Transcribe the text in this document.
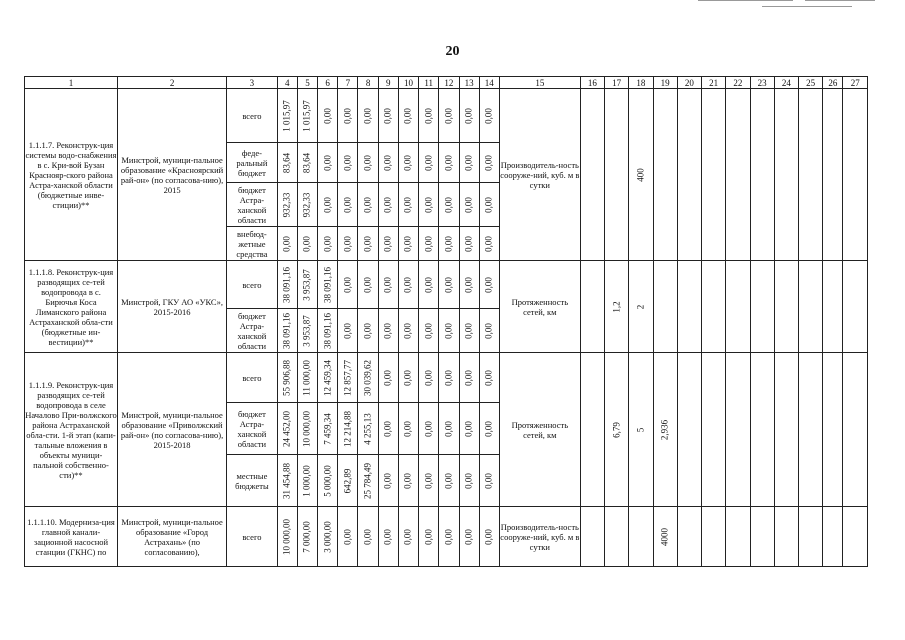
20
1	2	3	4	5	6	7	8	9	10	11	12	13	14	15	16	17	18	19	20	21	22	23	24	25	26	27
1.1.1.7. Реконструк-ция системы водо-снабжения в с. Кри-вой Бузан Краснояр-ского района Астра-ханской области (бюджетные инве-стиции)**	Минстрой, муници-пальное образование «Красноярский рай-он» (по согласова-нию), 2015	всего	1 015,97	1 015,97	0,00	0,00	0,00	0,00	0,00	0,00	0,00	0,00	0,00	Производитель-ность сооруже-ний, куб. м в сутки			400									

		феде-ральный бюджет	83,64	83,64	0,00	0,00	0,00	0,00	0,00	0,00	0,00	0,00	0,00													

		бюджет Астра-ханской области	932,33	932,33	0,00	0,00	0,00	0,00	0,00	0,00	0,00	0,00	0,00													

		внебюд-жетные средства	0,00	0,00	0,00	0,00	0,00	0,00	0,00	0,00	0,00	0,00	0,00													

1.1.1.8. Реконструк-ция разводящих се-тей водопровода в с. Бирючья Коса Лиманского района Астраханской обла-сти (бюджетные ин-вестиции)**	Минстрой, ГКУ АО «УКС», 2015-2016	всего	38 091,16	3 953,87	38 091,16	0,00	0,00	0,00	0,00	0,00	0,00	0,00	0,00	Протяженность сетей, км		1,2	2									

		бюджет Астра-ханской области	38 091,16	3 953,87	38 091,16	0,00	0,00	0,00	0,00	0,00	0,00	0,00	0,00													

1.1.1.9. Реконструк-ция разводящих се-тей водопровода в селе Началово При-волжского района Астраханской обла-сти. 1-й этап (капи-тальные вложения в объекты муници-пальной собственно-сти)**	Минстрой, муници-пальное образование «Приволжский рай-он» (по согласова-нию), 2015-2018	всего	55 906,88	11 000,00	12 459,34	12 857,77	30 039,62	0,00	0,00	0,00	0,00	0,00	0,00	Протяженность сетей, км		6,79	5	2,936								

		бюджет Астра-ханской области	24 452,00	10 000,00	7 459,34	12 214,88	4 255,13	0,00	0,00	0,00	0,00	0,00	0,00													

		местные бюджеты	31 454,88	1 000,00	5 000,00	642,89	25 784,49	0,00	0,00	0,00	0,00	0,00	0,00													

1.1.1.10. Модерниза-ция главной канали-зационной насосной станции (ГКНС) по	Минстрой, муници-пальное образование «Город Астрахань» (по согласованию),	всего	10 000,00	7 000,00	3 000,00	0,00	0,00	0,00	0,00	0,00	0,00	0,00	0,00	Производитель-ность сооруже-ний, куб. м в сутки				4000								
